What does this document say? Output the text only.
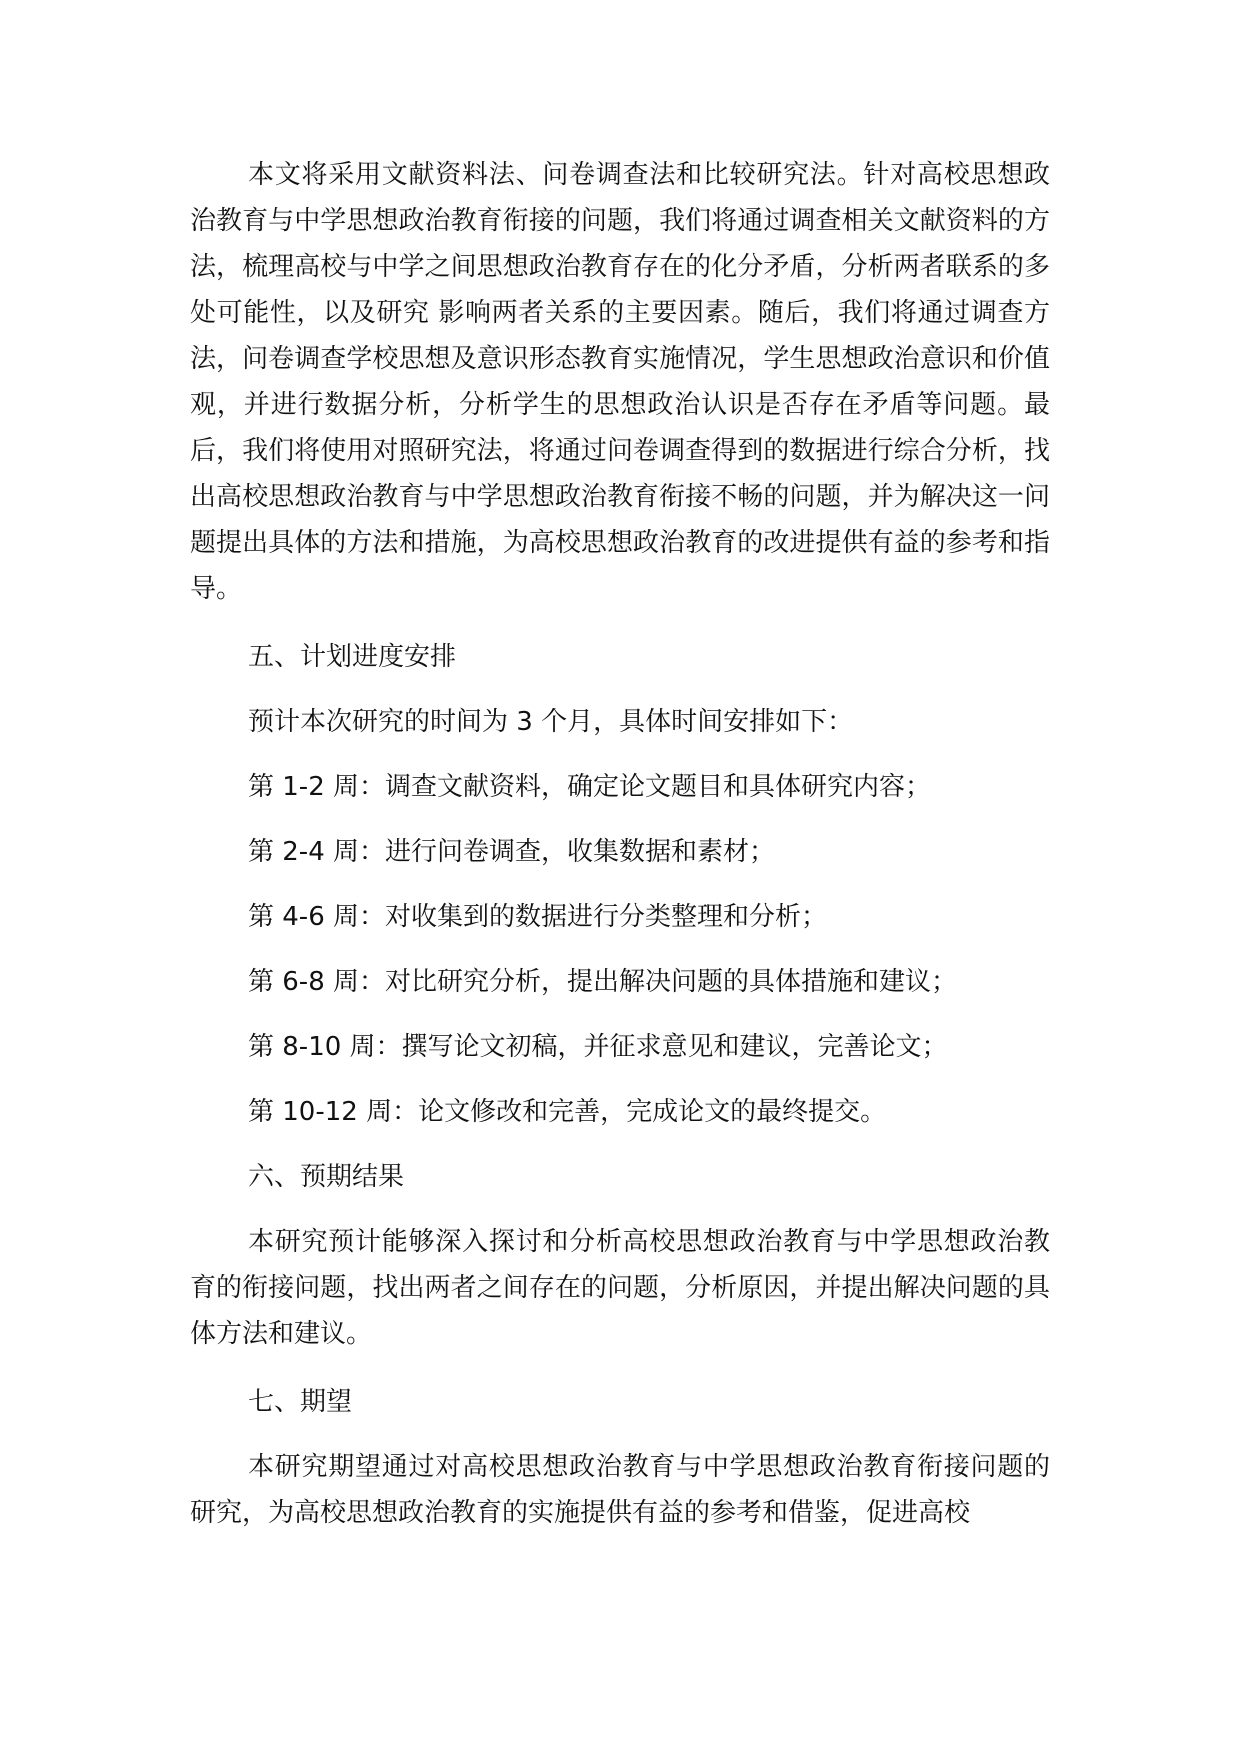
本文将采用文献资料法、问卷调查法和比较研究法。针对高校思想政治教育与中学思想政治教育衔接的问题，我们将通过调查相关文献资料的方法，梳理高校与中学之间思想政治教育存在的化分矛盾，分析两者联系的多处可能性，以及研究 影响两者关系的主要因素。随后，我们将通过调查方法，问卷调查学校思想及意识形态教育实施情况，学生思想政治意识和价值观，并进行数据分析，分析学生的思想政治认识是否存在矛盾等问题。最后，我们将使用对照研究法，将通过问卷调查得到的数据进行综合分析，找出高校思想政治教育与中学思想政治教育衔接不畅的问题，并为解决这一问题提出具体的方法和措施，为高校思想政治教育的改进提供有益的参考和指导。

五、计划进度安排
预计本次研究的时间为 3 个月，具体时间安排如下：
第 1-2 周：调查文献资料，确定论文题目和具体研究内容；
第 2-4 周：进行问卷调查，收集数据和素材；
第 4-6 周：对收集到的数据进行分类整理和分析；
第 6-8 周：对比研究分析，提出解决问题的具体措施和建议；
第 8-10 周：撰写论文初稿，并征求意见和建议，完善论文；
第 10-12 周：论文修改和完善，完成论文的最终提交。
六、预期结果

本研究预计能够深入探讨和分析高校思想政治教育与中学思想政治教育的衔接问题，找出两者之间存在的问题，分析原因，并提出解决问题的具体方法和建议。

七、期望

本研究期望通过对高校思想政治教育与中学思想政治教育衔接问题的研究，为高校思想政治教育的实施提供有益的参考和借鉴，促进高校
